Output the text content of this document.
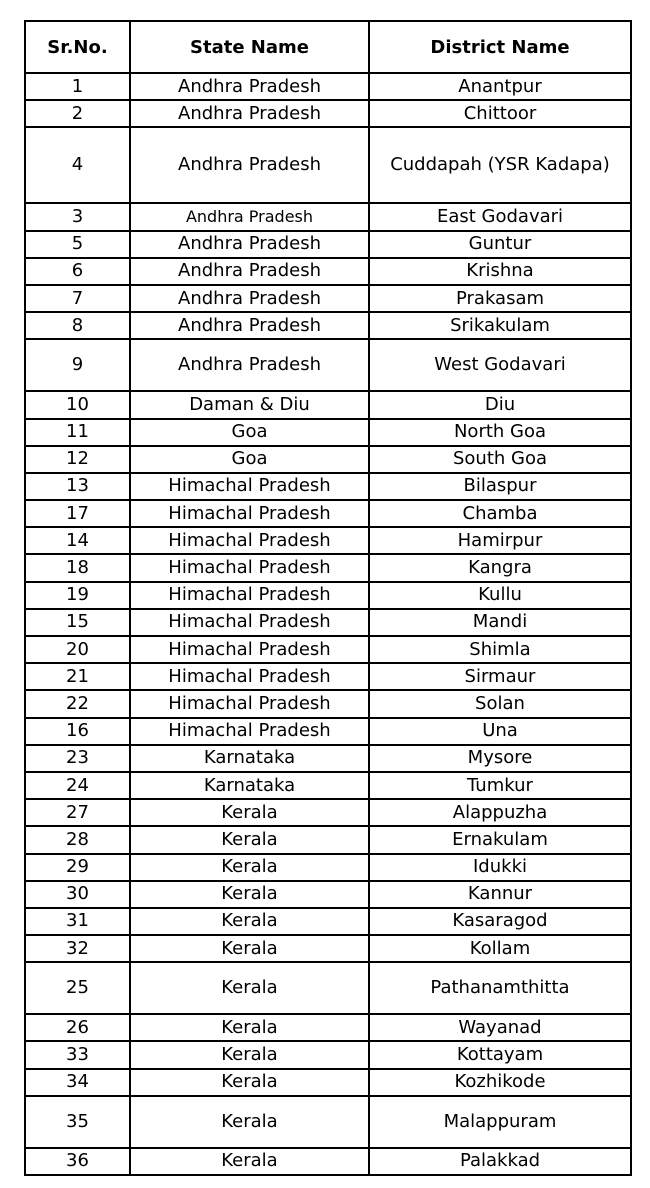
Sr.No.	State Name	District Name
1	Andhra Pradesh	Anantpur
2	Andhra Pradesh	Chittoor
4	Andhra Pradesh	Cuddapah (YSR Kadapa)
3	Andhra Pradesh	East Godavari
5	Andhra Pradesh	Guntur
6	Andhra Pradesh	Krishna
7	Andhra Pradesh	Prakasam
8	Andhra Pradesh	Srikakulam
9	Andhra Pradesh	West Godavari
10	Daman & Diu	Diu
11	Goa	North Goa
12	Goa	South Goa
13	Himachal Pradesh	Bilaspur
17	Himachal Pradesh	Chamba
14	Himachal Pradesh	Hamirpur
18	Himachal Pradesh	Kangra
19	Himachal Pradesh	Kullu
15	Himachal Pradesh	Mandi
20	Himachal Pradesh	Shimla
21	Himachal Pradesh	Sirmaur
22	Himachal Pradesh	Solan
16	Himachal Pradesh	Una
23	Karnataka	Mysore
24	Karnataka	Tumkur
27	Kerala	Alappuzha
28	Kerala	Ernakulam
29	Kerala	Idukki
30	Kerala	Kannur
31	Kerala	Kasaragod
32	Kerala	Kollam
25	Kerala	Pathanamthitta
26	Kerala	Wayanad
33	Kerala	Kottayam
34	Kerala	Kozhikode
35	Kerala	Malappuram
36	Kerala	Palakkad
